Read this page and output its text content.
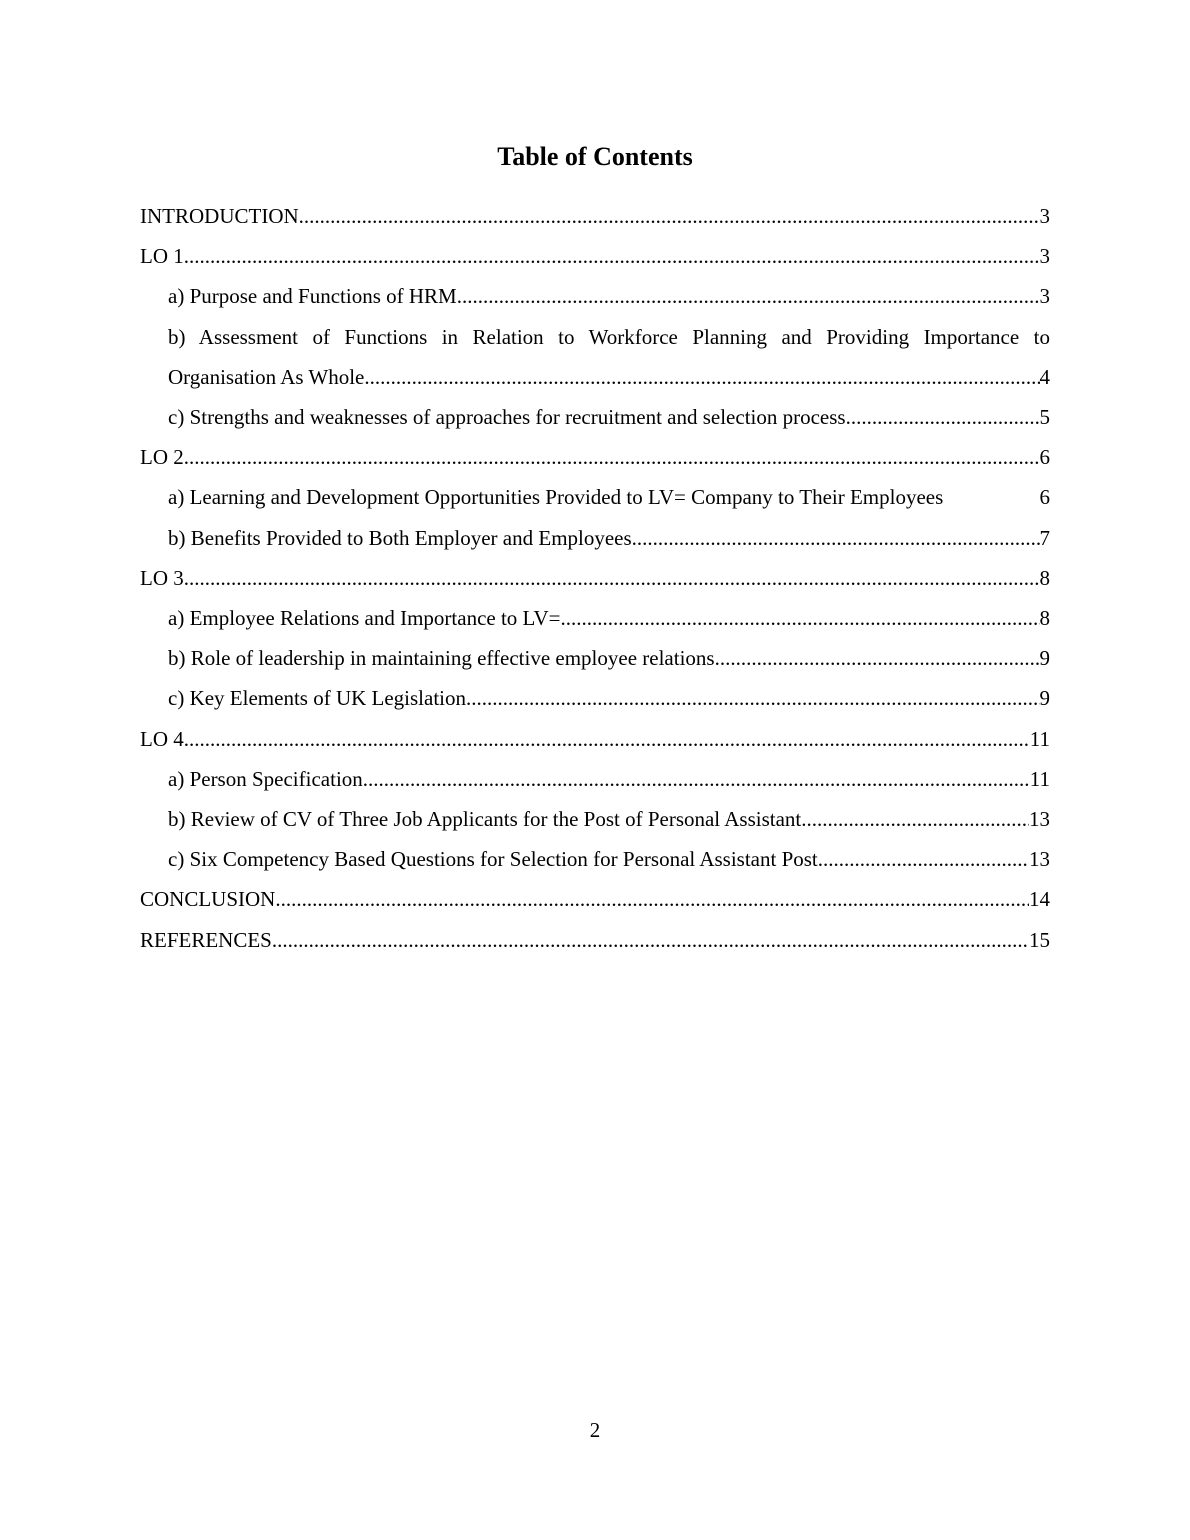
Table of Contents
INTRODUCTION .....	3
LO 1 .....	3
a) Purpose and Functions of HRM .....	3
b) Assessment of Functions in Relation to Workforce Planning and Providing Importance to
Organisation As Whole .....	4
c) Strengths and weaknesses of approaches for recruitment and selection process .....	5
LO 2 .....	6
a) Learning and Development Opportunities Provided to LV= Company to Their Employees	6
b) Benefits Provided to Both Employer and Employees .....	7
LO 3 .....	8
a) Employee Relations and Importance to LV= .....	8
b) Role of leadership in maintaining effective employee relations .....	9
c) Key Elements of UK Legislation .....	9
LO 4 .....	11
a) Person Specification .....	11
b) Review of CV of Three Job Applicants for the Post of Personal Assistant .....	13
c) Six Competency Based Questions for Selection for Personal Assistant Post .....	13
CONCLUSION .....	14
REFERENCES .....	15
2
